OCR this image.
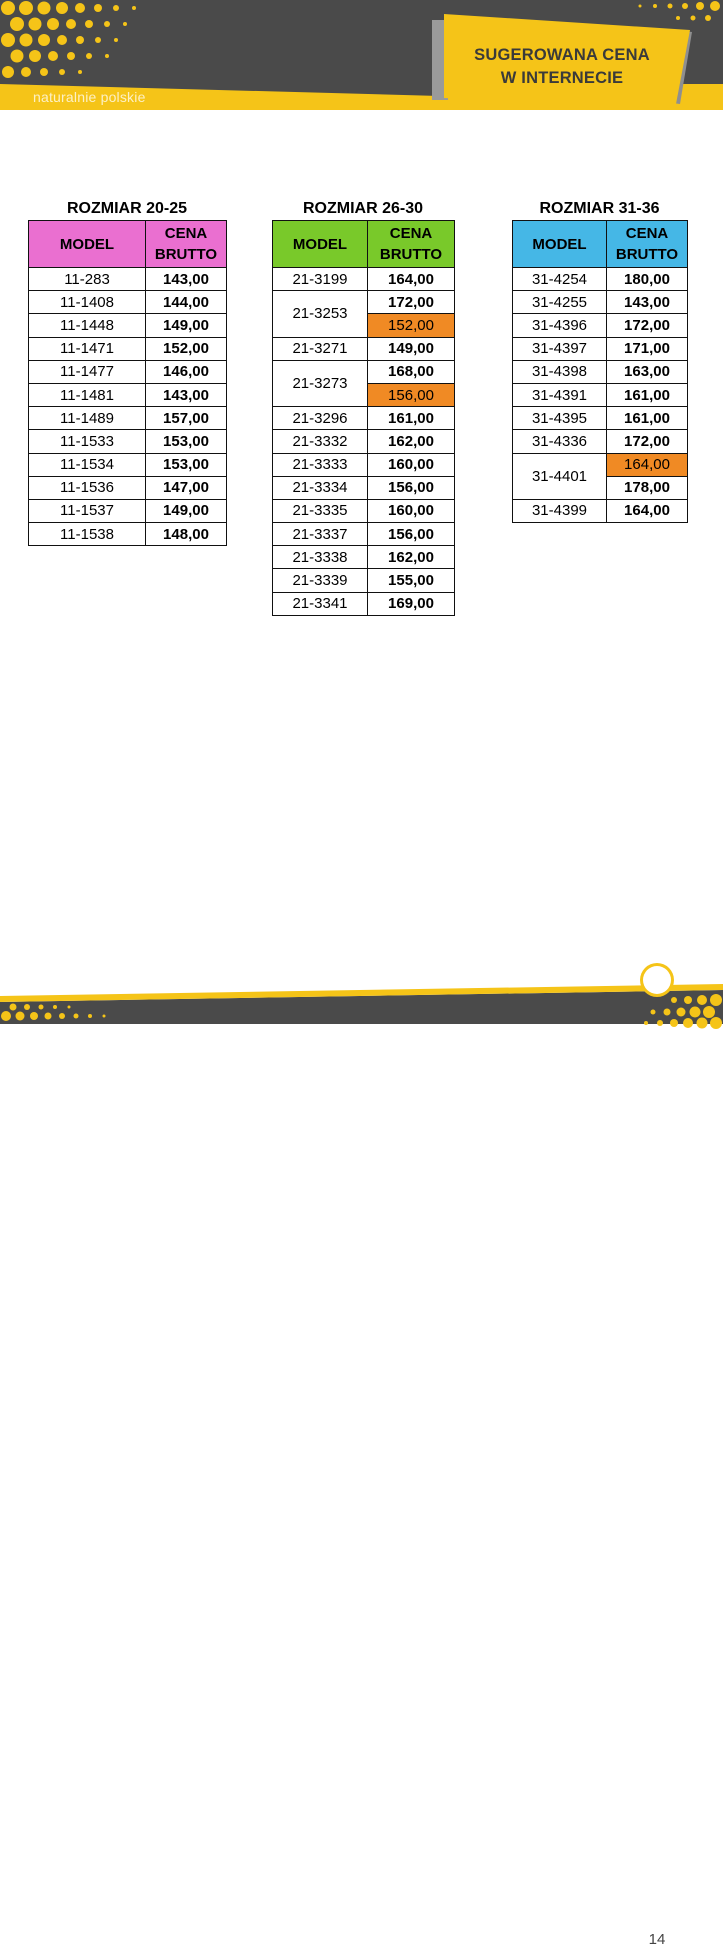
naturalnie polskie
SUGEROWANA CENA
W INTERNECIE
ROZMIAR 20-25
MODEL	CENA
BRUTTO

11-283	143,00
11-1408	144,00
11-1448	149,00
11-1471	152,00
11-1477	146,00
11-1481	143,00
11-1489	157,00
11-1533	153,00
11-1534	153,00
11-1536	147,00
11-1537	149,00
11-1538	148,00
ROZMIAR 26-30
MODEL	CENA
BRUTTO

21-3199	164,00
21-3253	172,00
	152,00
21-3271	149,00
21-3273	168,00
	156,00
21-3296	161,00
21-3332	162,00
21-3333	160,00
21-3334	156,00
21-3335	160,00
21-3337	156,00
21-3338	162,00
21-3339	155,00
21-3341	169,00
ROZMIAR 31-36
MODEL	CENA
BRUTTO

31-4254	180,00
31-4255	143,00
31-4396	172,00
31-4397	171,00
31-4398	163,00
31-4391	161,00
31-4395	161,00
31-4336	172,00
31-4401	164,00
	178,00
31-4399	164,00
14
